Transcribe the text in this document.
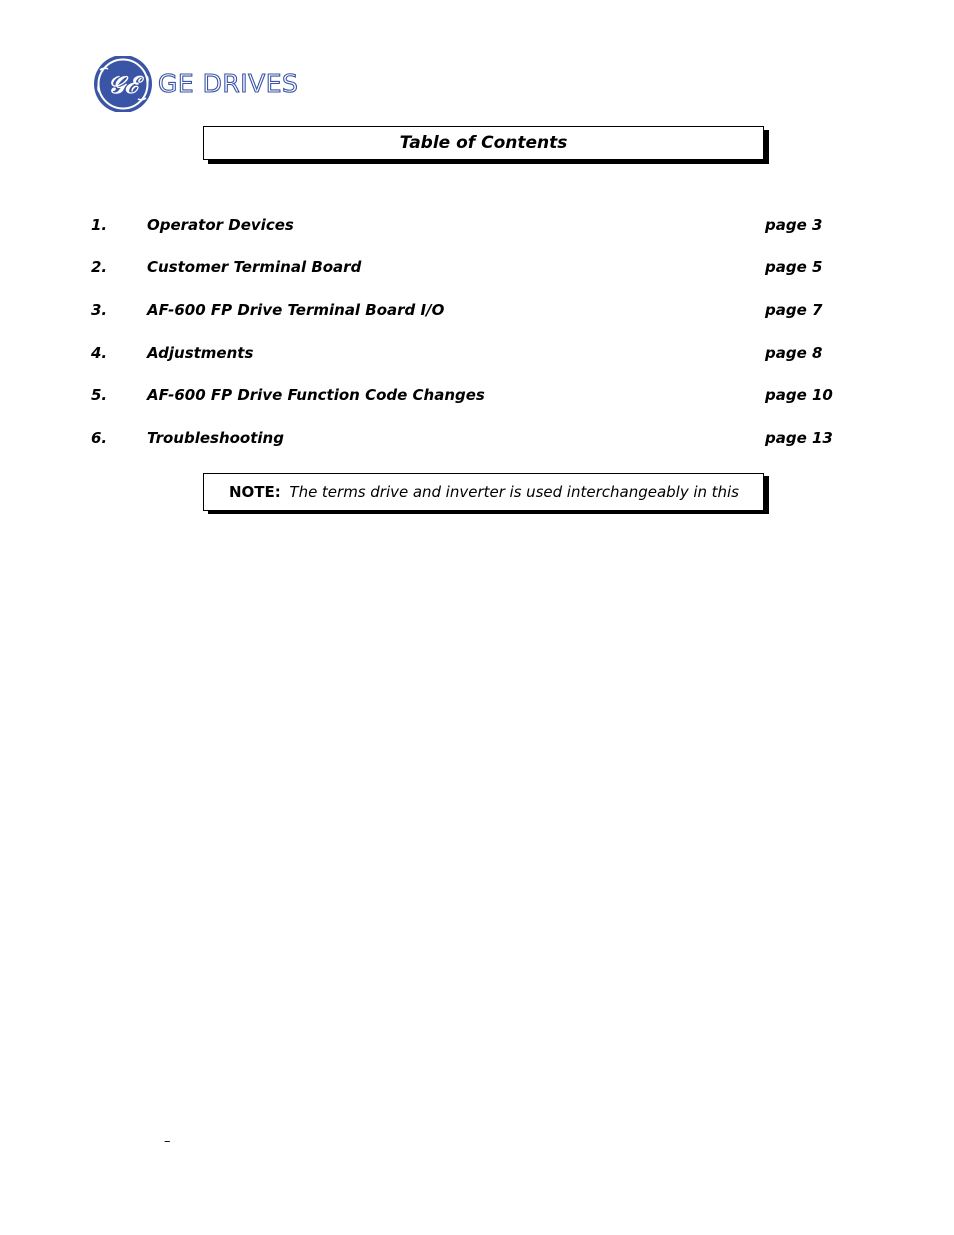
𝒢ℰ GE DRIVES
Table of Contents
1.	Operator Devices	page 3
2.	Customer Terminal Board	page 5
3.	AF-600 FP Drive Terminal Board I/O	page 7
4.	Adjustments	page 8
5.	AF-600 FP Drive Function Code Changes	page 10
6.	Troubleshooting	page 13
NOTE: The terms drive and inverter is used interchangeably in this
–
